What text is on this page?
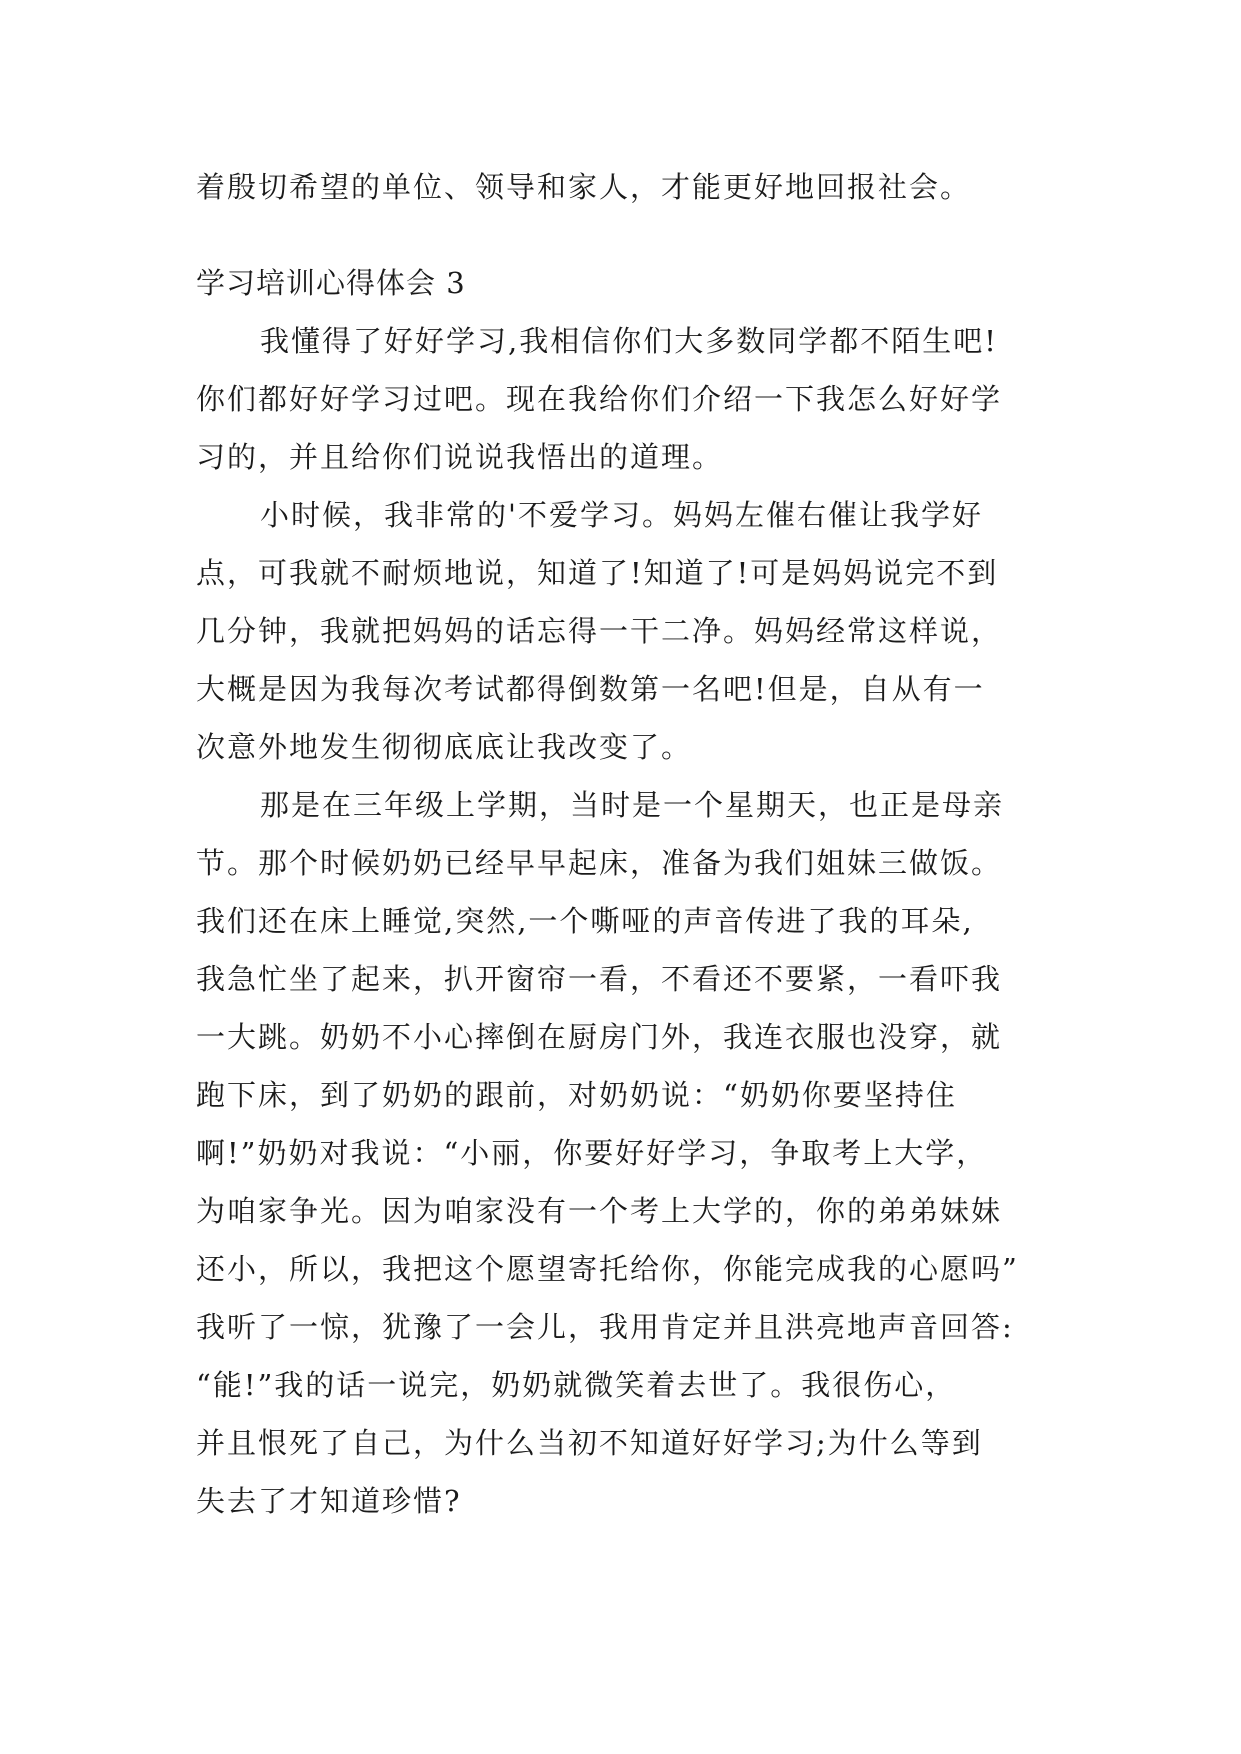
着殷切希望的单位、领导和家人，才能更好地回报社会。
学习培训心得体会 3
我懂得了好好学习,我相信你们大多数同学都不陌生吧!
你们都好好学习过吧。现在我给你们介绍一下我怎么好好学
习的，并且给你们说说我悟出的道理。
小时候，我非常的'不爱学习。妈妈左催右催让我学好
点，可我就不耐烦地说，知道了!知道了!可是妈妈说完不到
几分钟，我就把妈妈的话忘得一干二净。妈妈经常这样说，
大概是因为我每次考试都得倒数第一名吧!但是，自从有一
次意外地发生彻彻底底让我改变了。
那是在三年级上学期，当时是一个星期天，也正是母亲
节。那个时候奶奶已经早早起床，准备为我们姐妹三做饭。
我们还在床上睡觉,突然,一个嘶哑的声音传进了我的耳朵,
我急忙坐了起来，扒开窗帘一看，不看还不要紧，一看吓我
一大跳。奶奶不小心摔倒在厨房门外，我连衣服也没穿，就
跑下床，到了奶奶的跟前，对奶奶说：“奶奶你要坚持住
啊!”奶奶对我说：“小丽，你要好好学习，争取考上大学，
为咱家争光。因为咱家没有一个考上大学的，你的弟弟妹妹
还小，所以，我把这个愿望寄托给你，你能完成我的心愿吗”
我听了一惊，犹豫了一会儿，我用肯定并且洪亮地声音回答:
“能!”我的话一说完，奶奶就微笑着去世了。我很伤心，
并且恨死了自己，为什么当初不知道好好学习;为什么等到
失去了才知道珍惜?
